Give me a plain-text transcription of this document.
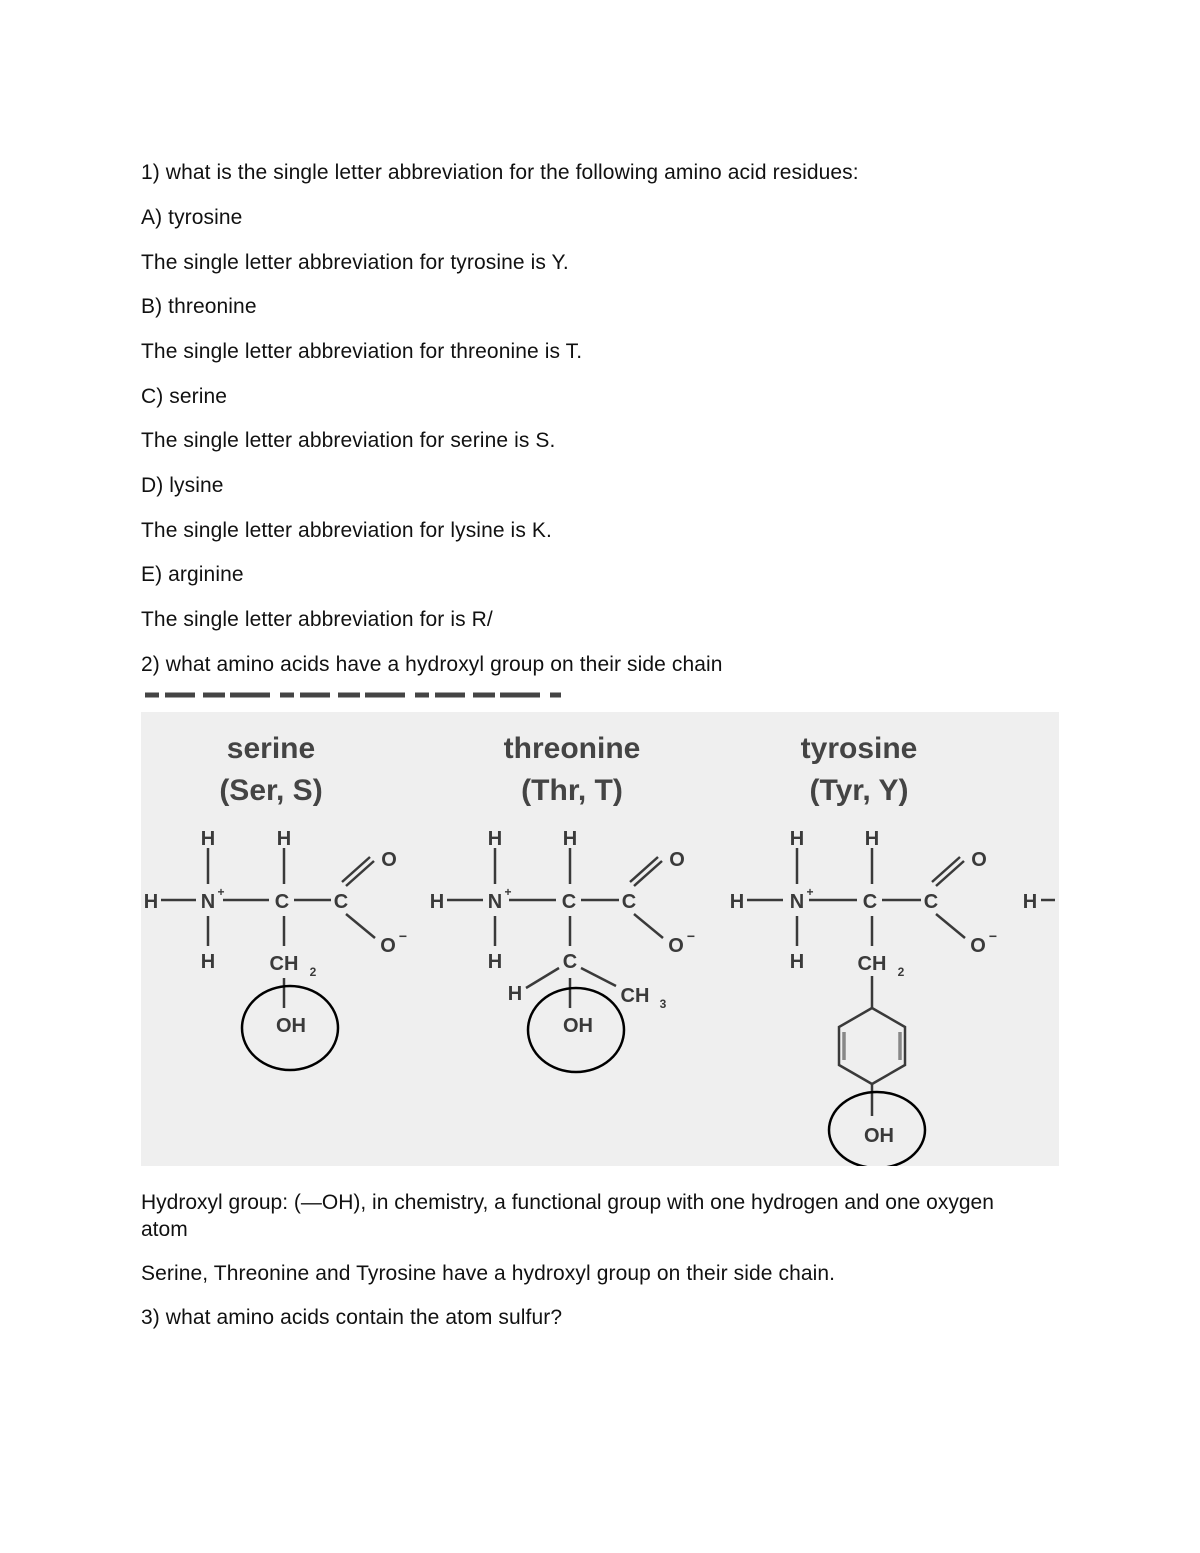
1) what is the single letter abbreviation for the following amino acid residues:
A) tyrosine
The single letter abbreviation for tyrosine is Y.
B) threonine
The single letter abbreviation for threonine is T.
C) serine
The single letter abbreviation for serine is S.
D) lysine
The single letter abbreviation for lysine is K.
E) arginine
The single letter abbreviation for is R/
2) what amino acids have a hydroxyl group on their side chain
serine
(Ser, S)
H	H
H N +	C C
O
O −
H	CH 2
OH
threonine
(Thr, T)
H	H
H N +	C C
O
O −
H	C
H	CH 3
OH
tyrosine
(Tyr, Y)
H	H
H N + C C
O
O −
H	CH 2
H
OH
Hydroxyl group: (—OH), in chemistry, a functional group with one hydrogen and one oxygen atom
Serine, Threonine and Tyrosine have a hydroxyl group on their side chain.
3) what amino acids contain the atom sulfur?
